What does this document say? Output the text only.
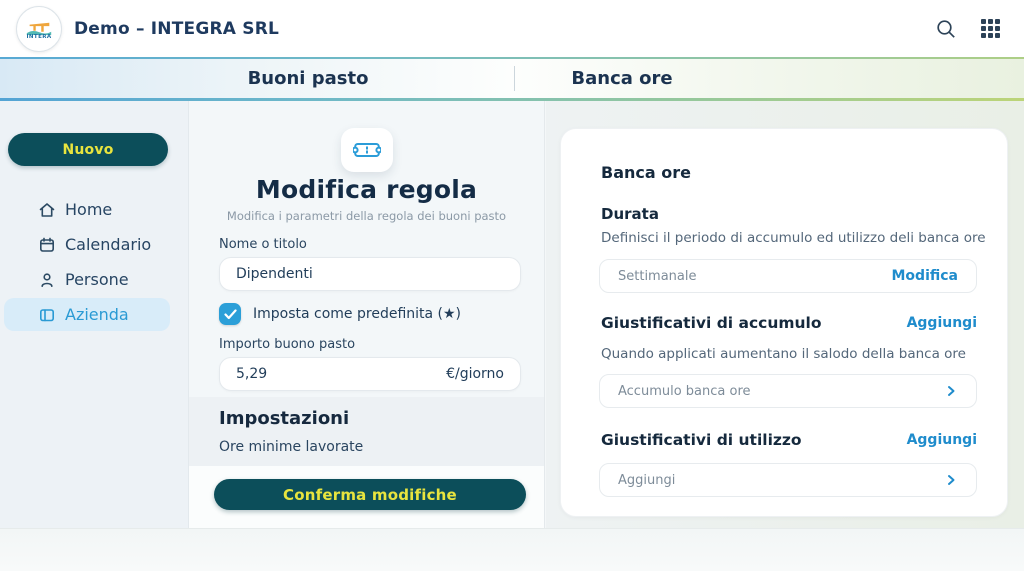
INTERA Demo – INTEGRA SRL
Buoni pasto	Banca ore
Nuovo
Home
Calendario
Persone
Azienda
Modifica regola
Modifica i parametri della regola dei buoni pasto
Nome o titolo
Dipendenti
Imposta come predefinita (★)
Importo buono pasto
5,29
€/giorno
Impostazioni
Ore minime lavorate
Conferma modifiche
Banca ore
Durata
Definisci il periodo di accumulo ed utilizzo deli banca ore
Settimanale	Modifica
Giustificativi di accumulo	Aggiungi
Quando applicati aumentano il salodo della banca ore
Accumulo banca ore
Giustificativi di utilizzo	Aggiungi
Aggiungi
